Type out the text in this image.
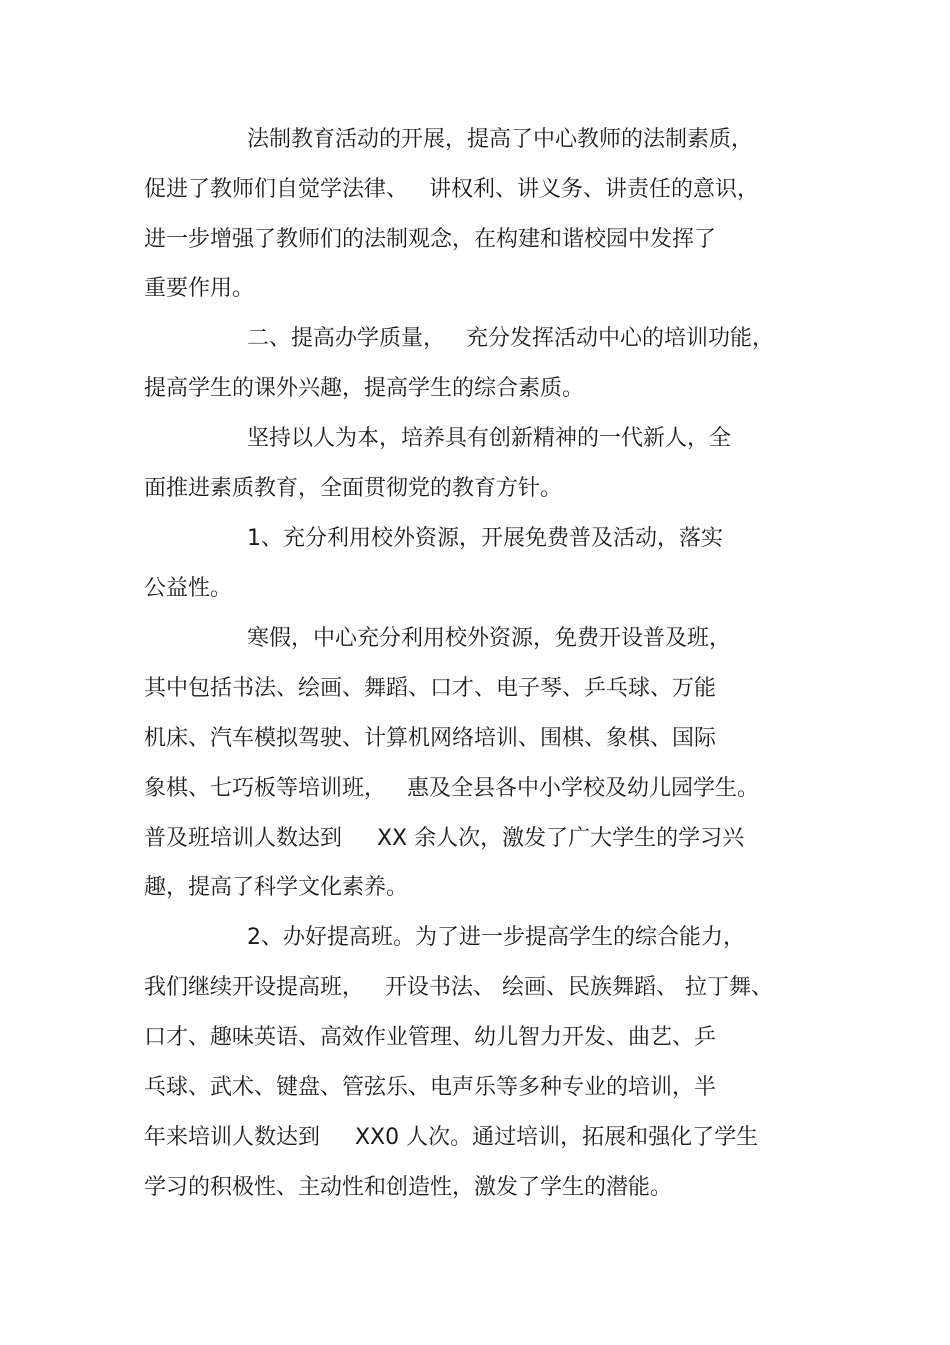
法制教育活动的开展，提高了中心教师的法制素质，
促进了教师们自觉学法律、   讲权利、讲义务、讲责任的意识，
进一步增强了教师们的法制观念，在构建和谐校园中发挥了
重要作用。
二、提高办学质量，   充分发挥活动中心的培训功能，
提高学生的课外兴趣，提高学生的综合素质。
坚持以人为本，培养具有创新精神的一代新人，全
面推进素质教育，全面贯彻党的教育方针。
1、充分利用校外资源，开展免费普及活动，落实
公益性。
寒假，中心充分利用校外资源，免费开设普及班，
其中包括书法、绘画、舞蹈、口才、电子琴、乒乓球、万能
机床、汽车模拟驾驶、计算机网络培训、围棋、象棋、国际
象棋、七巧板等培训班，   惠及全县各中小学校及幼儿园学生。
普及班培训人数达到     XX 余人次，激发了广大学生的学习兴
趣，提高了科学文化素养。
2、办好提高班。为了进一步提高学生的综合能力，
我们继续开设提高班，   开设书法、 绘画、民族舞蹈、 拉丁舞、
口才、趣味英语、高效作业管理、幼儿智力开发、曲艺、乒
乓球、武术、键盘、管弦乐、电声乐等多种专业的培训，半
年来培训人数达到     XX0 人次。通过培训，拓展和强化了学生
学习的积极性、主动性和创造性，激发了学生的潜能。
